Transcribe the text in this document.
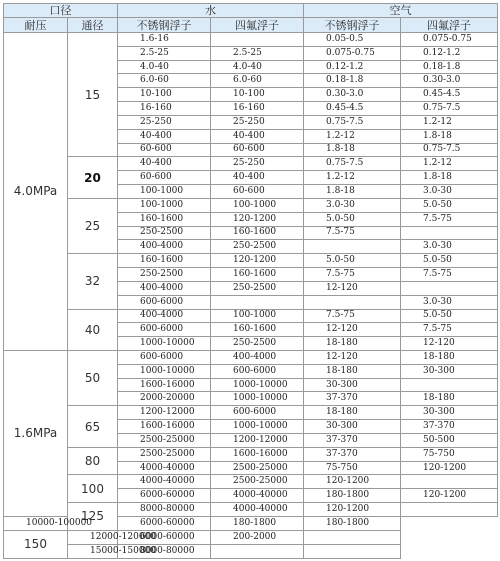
口径		水		空气	
耐压	通径	不锈钢浮子	四氟浮子	不锈钢浮子	四氟浮子
4.0MPa	15	1.6-16		0.05-0.5	0.075-0.75
		2.5-25	2.5-25	0.075-0.75	0.12-1.2
		4.0-40	4.0-40	0.12-1.2	0.18-1.8
		6.0-60	6.0-60	0.18-1.8	0.30-3.0
		10-100	10-100	0.30-3.0	0.45-4.5
		16-160	16-160	0.45-4.5	0.75-7.5
		25-250	25-250	0.75-7.5	1.2-12
		40-400	40-400	1.2-12	1.8-18
		60-600	60-600	1.8-18	0.75-7.5
	20	40-400	25-250	0.75-7.5	1.2-12
		60-600	40-400	1.2-12	1.8-18
		100-1000	60-600	1.8-18	3.0-30
	25	100-1000	100-1000	3.0-30	5.0-50
		160-1600	120-1200	5.0-50	7.5-75
		250-2500	160-1600	7.5-75	
		400-4000	250-2500		3.0-30
	32	160-1600	120-1200	5.0-50	5.0-50
		250-2500	160-1600	7.5-75	7.5-75
		400-4000	250-2500	12-120	
		600-6000			3.0-30
	40	400-4000	100-1000	7.5-75	5.0-50
		600-6000	160-1600	12-120	7.5-75
		1000-10000	250-2500	18-180	12-120
1.6MPa	50	600-6000	400-4000	12-120	18-180
		1000-10000	600-6000	18-180	30-300
		1600-16000	1000-10000	30-300	
		2000-20000	1000-10000	37-370	18-180
	65	1200-12000	600-6000	18-180	30-300
		1600-16000	1000-10000	30-300	37-370
		2500-25000	1200-12000	37-370	50-500
	80	2500-25000	1600-16000	37-370	75-750
		4000-40000	2500-25000	75-750	120-1200
	100	4000-40000	2500-25000	120-1200	
		6000-60000	4000-40000	180-1800	120-1200
	125	8000-80000	4000-40000	120-1200	
10000-100000		6000-60000	180-1800	180-1800	
150	12000-120000	6000-60000	200-2000		
	15000-150000	8000-80000			
